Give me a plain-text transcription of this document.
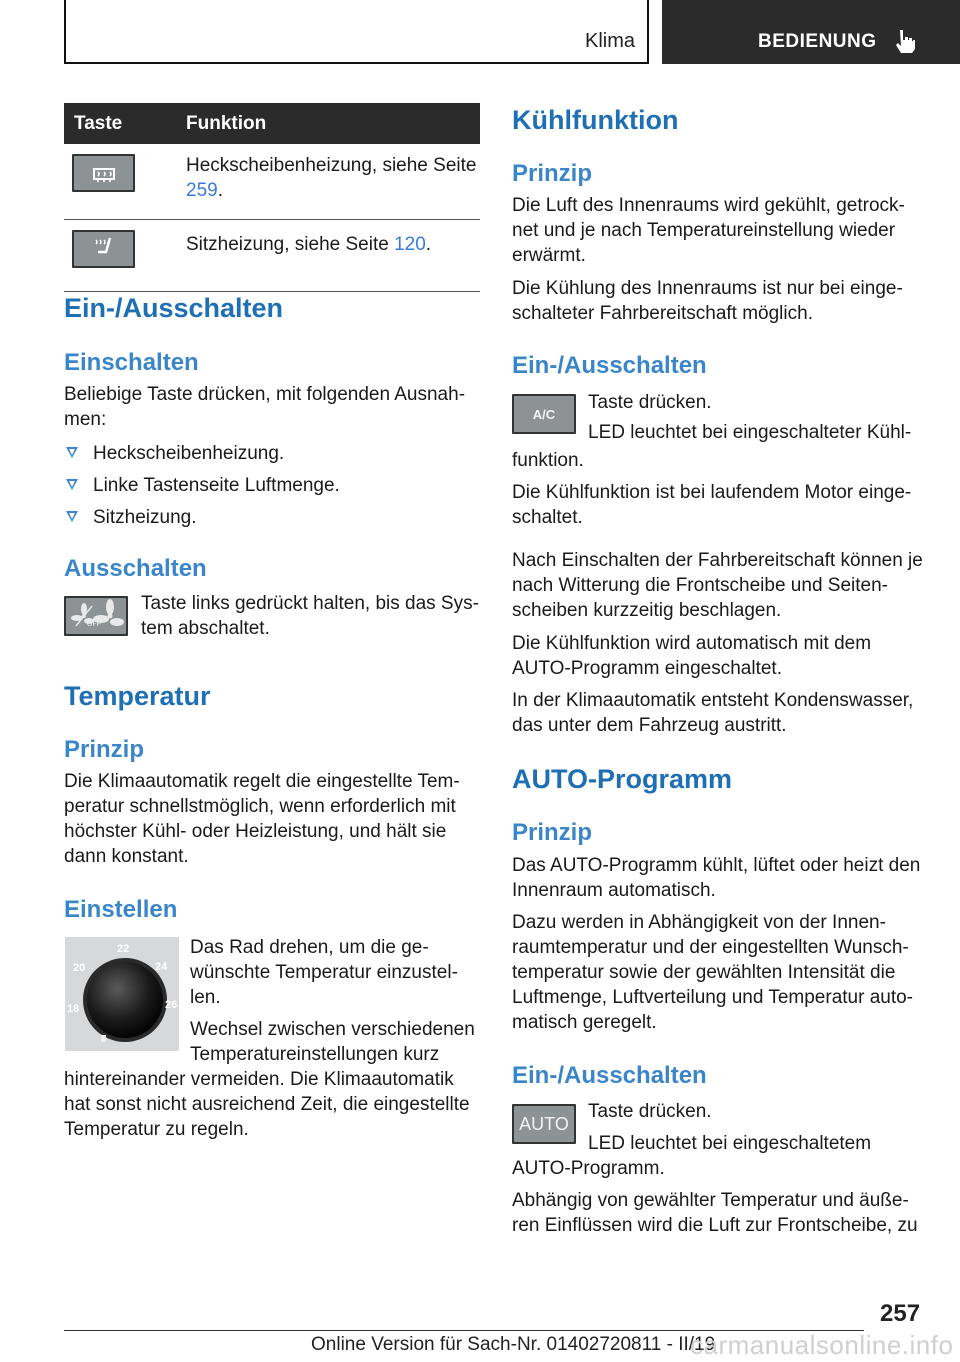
Klima	BEDIENUNG
Taste	Funktion

	Heckscheibenheizung, siehe Seite 259.

	Sitzheizung, siehe Seite 120.
Ein-/Ausschalten
Einschalten

Beliebige Taste drücken, mit folgenden Ausnah-

men:

Heckscheibenheizung.
Linke Tastenseite Luftmenge.
Sitzheizung.
Ausschalten
OFF

Taste links gedrückt halten, bis das Sys-

tem abschaltet.

Temperatur
Prinzip

Die Klimaautomatik regelt die eingestellte Tem-

peratur schnellstmöglich, wenn erforderlich mit

höchster Kühl- oder Heizleistung, und hält sie

dann konstant.

Einstellen
18
20
22
24
26

Das Rad drehen, um die ge-

wünschte Temperatur einzustel-

len.

Wechsel zwischen verschiedenen

Temperatureinstellungen kurz

hintereinander vermeiden. Die Klimaautomatik

hat sonst nicht ausreichend Zeit, die eingestellte

Temperatur zu regeln.

Kühlfunktion
Prinzip

Die Luft des Innenraums wird gekühlt, getrock-

net und je nach Temperatureinstellung wieder

erwärmt.

Die Kühlung des Innenraums ist nur bei einge-

schalteter Fahrbereitschaft möglich.

Ein-/Ausschalten
A/C

Taste drücken.

LED leuchtet bei eingeschalteter Kühl-

funktion.

Die Kühlfunktion ist bei laufendem Motor einge-

schaltet.

Nach Einschalten der Fahrbereitschaft können je

nach Witterung die Frontscheibe und Seiten-

scheiben kurzzeitig beschlagen.

Die Kühlfunktion wird automatisch mit dem

AUTO-Programm eingeschaltet.

In der Klimaautomatik entsteht Kondenswasser,

das unter dem Fahrzeug austritt.

AUTO-Programm
Prinzip

Das AUTO-Programm kühlt, lüftet oder heizt den

Innenraum automatisch.

Dazu werden in Abhängigkeit von der Innen-

raumtemperatur und der eingestellten Wunsch-

temperatur sowie der gewählten Intensität die

Luftmenge, Luftverteilung und Temperatur auto-

matisch geregelt.

Ein-/Ausschalten
AUTO

Taste drücken.

LED leuchtet bei eingeschaltetem

AUTO-Programm.

Abhängig von gewählter Temperatur und äuße-

ren Einflüssen wird die Luft zur Frontscheibe, zu

257
Online Version für Sach-Nr. 01402720811 - II/19
carmanualsonline.info
